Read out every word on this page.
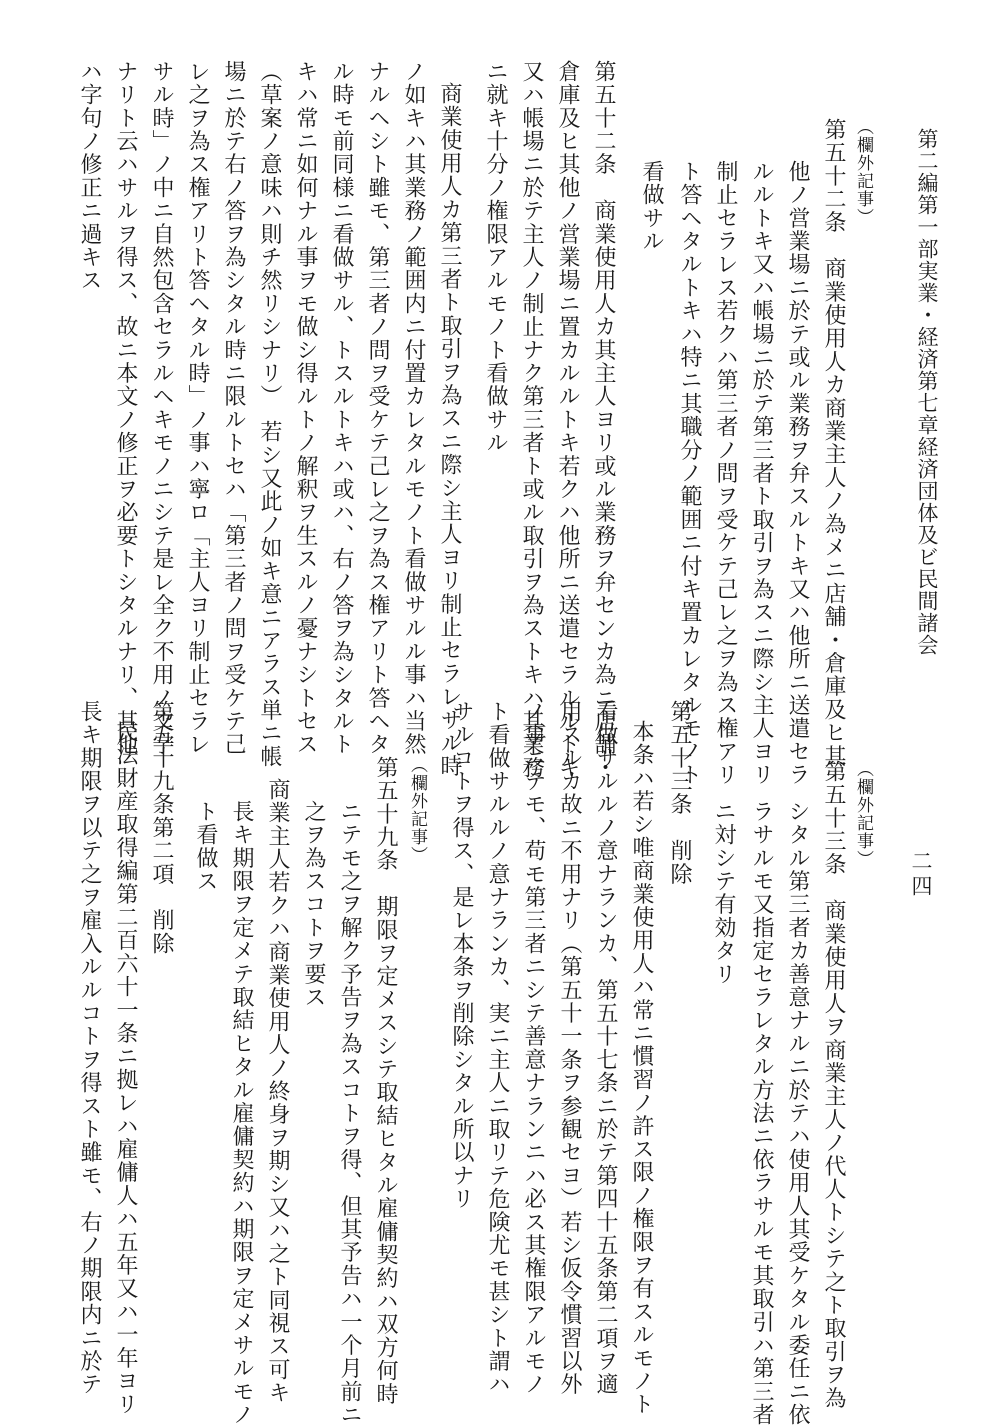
二四
第二編第一部実業・経済第七章経済団体及ビ民間諸会
（欄外記事）
第五十二条　商業使用人カ商業主人ノ為メニ店舗・倉庫及ヒ其
他ノ営業場ニ於テ或ル業務ヲ弁スルトキ又ハ他所ニ送遣セラ
ルルトキ又ハ帳場ニ於テ第三者ト取引ヲ為スニ際シ主人ヨリ
制止セラレス若クハ第三者ノ問ヲ受ケテ己レ之ヲ為ス権アリ
ト答ヘタルトキハ特ニ其職分ノ範囲ニ付キ置カレタルモノト
看做サル
第五十二条　商業使用人カ其主人ヨリ或ル業務ヲ弁センカ為ニ店舗・
倉庫及ヒ其他ノ営業場ニ置カルルトキ若クハ他所ニ送遣セラルルトキ
又ハ帳場ニ於テ主人ノ制止ナク第三者ト或ル取引ヲ為ストキハ其業務
ニ就キ十分ノ権限アルモノト看做サル
商業使用人カ第三者ト取引ヲ為スニ際シ主人ヨリ制止セラレサル時
ノ如キハ其業務ノ範囲内ニ付置カレタルモノト看做サルル事ハ当然
ナルヘシト雖モ、第三者ノ問ヲ受ケテ己レ之ヲ為ス権アリト答ヘタ
ル時モ前同様ニ看做サル、トスルトキハ或ハ、右ノ答ヲ為シタルト
キハ常ニ如何ナル事ヲモ做シ得ルトノ解釈ヲ生スルノ憂ナシトセス
（草案ノ意味ハ則チ然リシナリ）　若シ又此ノ如キ意ニアラス単ニ帳
場ニ於テ右ノ答ヲ為シタル時ニ限ルトセハ「第三者ノ問ヲ受ケテ己
レ之ヲ為ス権アリト答ヘタル時」ノ事ハ寧ロ「主人ヨリ制止セラレ
サル時」ノ中ニ自然包含セラルヘキモノニシテ是レ全ク不用ノ文字
ナリト云ハサルヲ得ス、故ニ本文ノ修正ヲ必要トシタルナリ、其他
ハ字句ノ修正ニ過キス
（欄外記事）
第五十三条　商業使用人ヲ商業主人ノ代人トシテ之ト取引ヲ為
シタル第三者カ善意ナルニ於テハ使用人其受ケタル委任ニ依
ラサルモ又指定セラレタル方法ニ依ラサルモ其取引ハ第三者
ニ対シテ有効タリ
第五十三条　削除
本条ハ若シ唯商業使用人ハ常ニ慣習ノ許ス限ノ権限ヲ有スルモノト
看做サルルノ意ナランカ、第五十七条ニ於テ第四十五条第二項ヲ適
用スルカ故ニ不用ナリ（第五十一条ヲ参観セヨ）若シ仮令慣習以外
ノ事ニテモ、苟モ第三者ニシテ善意ナランニハ必ス其権限アルモノ
ト看做サルルノ意ナランカ、実ニ主人ニ取リテ危険尤モ甚シト謂ハ
サルコトヲ得ス、是レ本条ヲ削除シタル所以ナリ
（欄外記事）
第五十九条　期限ヲ定メスシテ取結ヒタル雇傭契約ハ双方何時
ニテモ之ヲ解ク予告ヲ為スコトヲ得、但其予告ハ一个月前ニ
之ヲ為スコトヲ要ス
商業主人若クハ商業使用人ノ終身ヲ期シ又ハ之ト同視ス可キ
長キ期限ヲ定メテ取結ヒタル雇傭契約ハ期限ヲ定メサルモノ
ト看做ス
第五十九条第二項　削除
民法財産取得編第二百六十一条ニ拠レハ雇傭人ハ五年又ハ一年ヨリ
長キ期限ヲ以テ之ヲ雇入ルルコトヲ得スト雖モ、右ノ期限内ニ於テ
